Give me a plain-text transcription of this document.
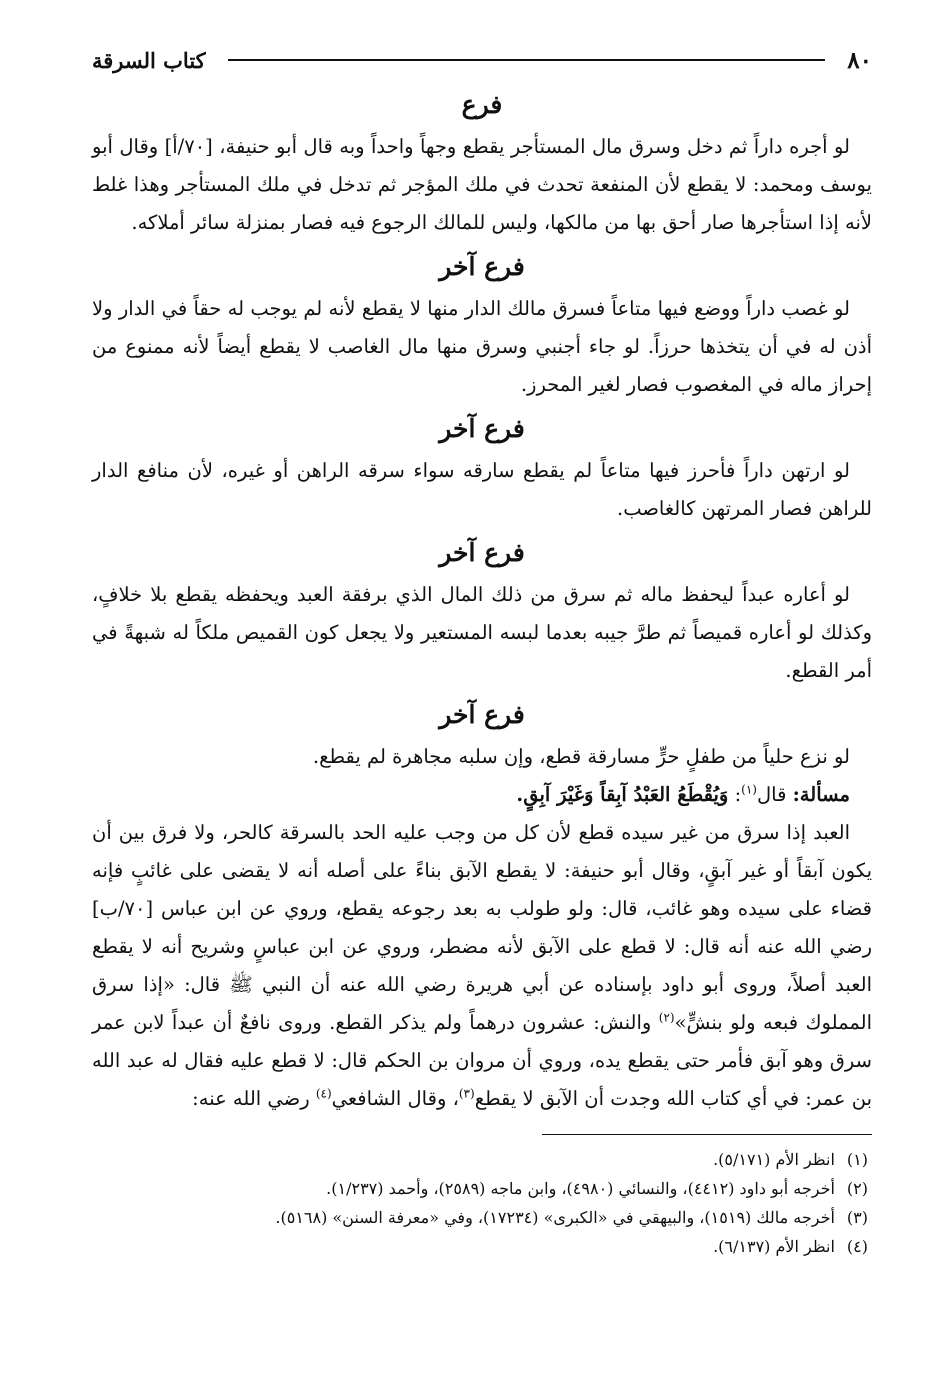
٨٠
كتاب السرقة
فرع

لو أجره داراً ثم دخل وسرق مال المستأجر يقطع وجهاً واحداً وبه قال أبو حنيفة، [٧٠/أ] وقال أبو يوسف ومحمد: لا يقطع لأن المنفعة تحدث في ملك المؤجر ثم تدخل في ملك المستأجر وهذا غلط لأنه إذا استأجرها صار أحق بها من مالكها، وليس للمالك الرجوع فيه فصار بمنزلة سائر أملاكه.

فرع آخر

لو غصب داراً ووضع فيها متاعاً فسرق مالك الدار منها لا يقطع لأنه لم يوجب له حقاً في الدار ولا أذن له في أن يتخذها حرزاً. لو جاء أجنبي وسرق منها مال الغاصب لا يقطع أيضاً لأنه ممنوع من إحراز ماله في المغصوب فصار لغير المحرز.

فرع آخر

لو ارتهن داراً فأحرز فيها متاعاً لم يقطع سارقه سواء سرقه الراهن أو غيره، لأن منافع الدار للراهن فصار المرتهن كالغاصب.

فرع آخر

لو أعاره عبداً ليحفظ ماله ثم سرق من ذلك المال الذي برفقة العبد ويحفظه يقطع بلا خلافٍ، وكذلك لو أعاره قميصاً ثم طرَّ جيبه بعدما لبسه المستعير ولا يجعل كون القميص ملكاً له شبهةً في أمر القطع.

فرع آخر

لو نزع حلياً من طفلٍ حرٍّ مسارقة قطع، وإن سلبه مجاهرة لم يقطع.

مسألة: قال$^{(١)}$: وَيُقْطَعُ العَبْدُ آبِقاً وَغَيْرَ آبِقٍ.

العبد إذا سرق من غير سيده قطع لأن كل من وجب عليه الحد بالسرقة كالحر، ولا فرق بين أن يكون آبقاً أو غير آبقٍ، وقال أبو حنيفة: لا يقطع الآبق بناءً على أصله أنه لا يقضى على غائبٍ فإنه قضاء على سيده وهو غائب، قال: ولو طولب به بعد رجوعه يقطع، وروي عن ابن عباس [٧٠/ب] رضي الله عنه أنه قال: لا قطع على الآبق لأنه مضطر، وروي عن ابن عباسٍ وشريح أنه لا يقطع العبد أصلاً، وروى أبو داود بإسناده عن أبي هريرة رضي الله عنه أن النبي ﷺ قال: «إذا سرق المملوك فبعه ولو بنشٍّ»$^{(٢)}$ والنش: عشرون درهماً ولم يذكر القطع. وروى نافعٌ أن عبداً لابن عمر سرق وهو آبق فأمر حتى يقطع يده، وروي أن مروان بن الحكم قال: لا قطع عليه فقال له عبد الله بن عمر: في أي كتاب الله وجدت أن الآبق لا يقطع$^{(٣)}$، وقال الشافعي$^{(٤)}$ رضي الله عنه:

(١)
انظر الأم (٥/١٧١).
(٢)
أخرجه أبو داود (٤٤١٢)، والنسائي (٤٩٨٠)، وابن ماجه (٢٥٨٩)، وأحمد (١/٢٣٧).
(٣)
أخرجه مالك (١٥١٩)، والبيهقي في «الكبرى» (١٧٢٣٤)، وفي «معرفة السنن» (٥١٦٨).
(٤)
انظر الأم (٦/١٣٧).
